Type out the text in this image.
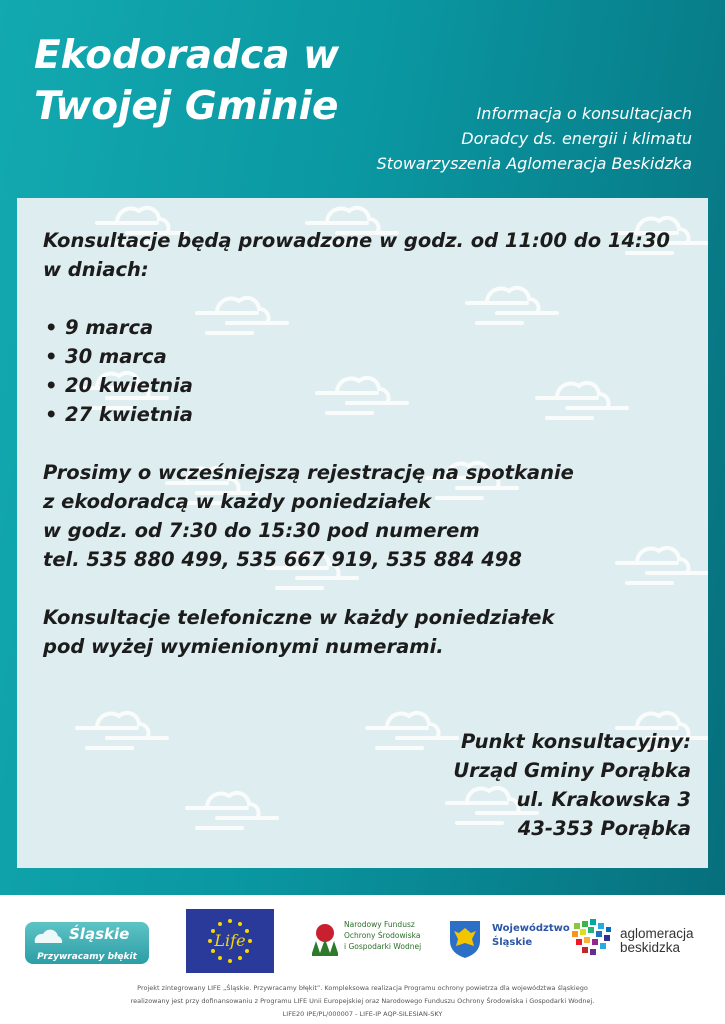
Ekodoradca w Twojej Gminie	Informacja o konsultacjach
Doradcy ds. energii i klimatu
Stowarzyszenia Aglomeracja Beskidzka

Konsultacje będą prowadzone w godz. od 11:00 do 14:30

w dniach:

• 9 marca
• 30 marca
• 20 kwietnia
• 27 kwietnia

Prosimy o wcześniejszą rejestrację na spotkanie

z ekodoradcą w każdy poniedziałek

w godz. od 7:30 do 15:30 pod numerem

tel. 535 880 499, 535 667 919, 535 884 498

Konsultacje telefoniczne w każdy poniedziałek

pod wyżej wymienionymi numerami.

Punkt konsultacyjny:
Urząd Gminy Porąbka
ul. Krakowska 3
43-353 Porąbka
Śląskie
Przywracamy błękit
Life
Narodowy Fundusz
Ochrony Środowiska
i Gospodarki Wodnej
Województwo
Śląskie
aglomeracja
beskidzka
Projekt zintegrowany LIFE „Śląskie. Przywracamy błękit”. Kompleksowa realizacja Programu ochrony powietrza dla województwa śląskiego
realizowany jest przy dofinansowaniu z Programu LIFE Unii Europejskiej oraz Narodowego Funduszu Ochrony Środowiska i Gospodarki Wodnej.
LIFE20 IPE/PL/000007 - LIFE-IP AQP-SILESIAN-SKY
